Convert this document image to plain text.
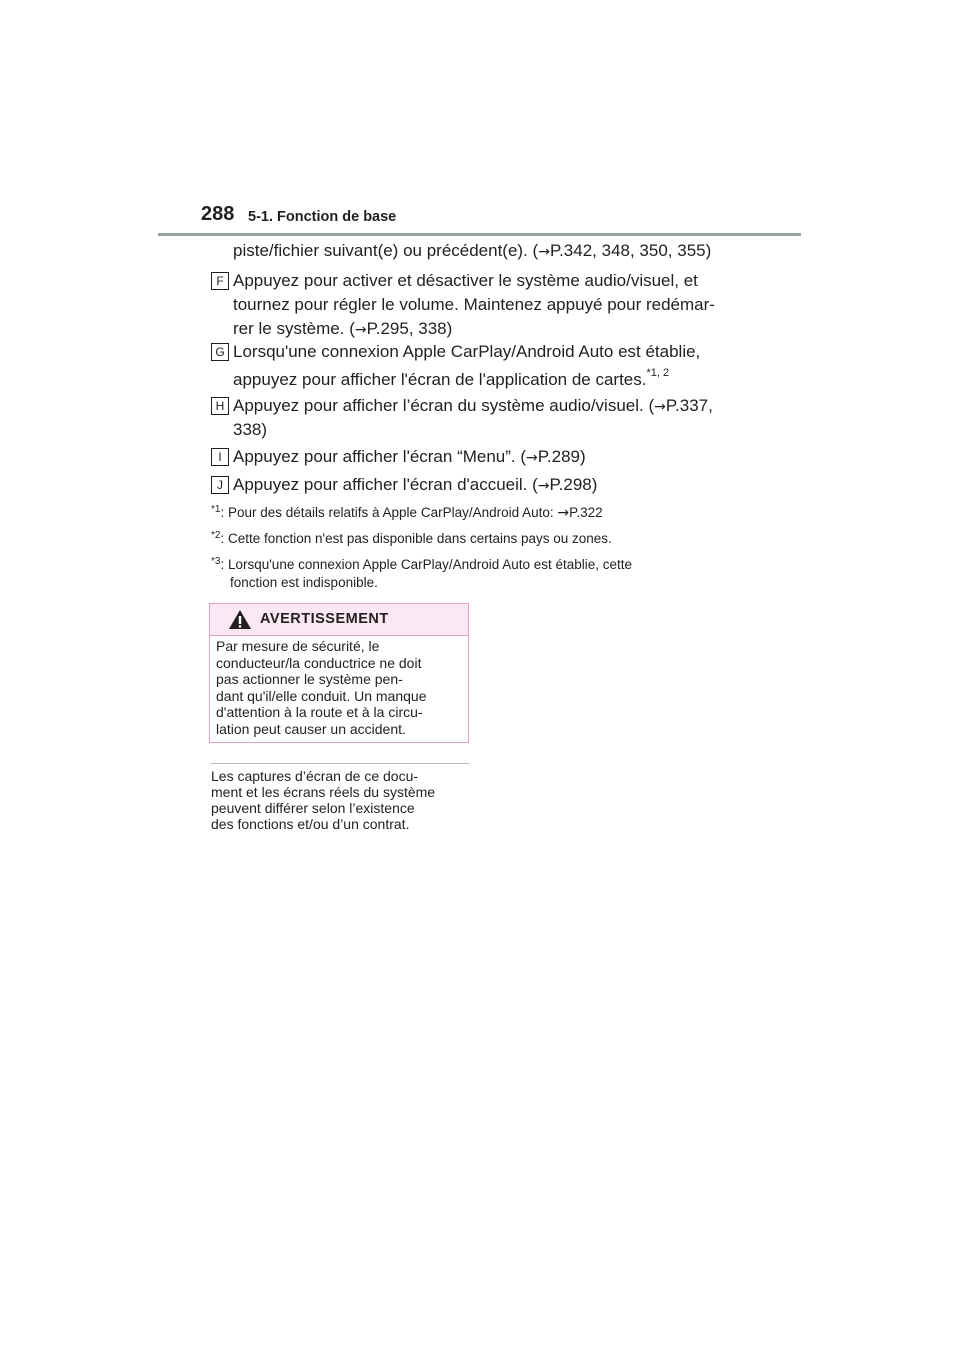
288 5-1. Fonction de base
piste/fichier suivant(e) ou précédent(e). (→P.342, 348, 350, 355)
F Appuyez pour activer et désactiver le système audio/visuel, et
tournez pour régler le volume. Maintenez appuyé pour redémar-
rer le système. (→P.295, 338)
G Lorsqu'une connexion Apple CarPlay/Android Auto est établie,
appuyez pour afficher l'écran de l'application de cartes.$^{*1, 2}$
H Appuyez pour afficher l’écran du système audio/visuel. (→P.337,
338)
I Appuyez pour afficher l'écran “Menu”. (→P.289)
J Appuyez pour afficher l'écran d'accueil. (→P.298)
$^{*1}$: Pour des détails relatifs à Apple CarPlay/Android Auto: →P.322
$^{*2}$: Cette fonction n'est pas disponible dans certains pays ou zones.
$^{*3}$: Lorsqu'une connexion Apple CarPlay/Android Auto est établie, cette
fonction est indisponible.
AVERTISSEMENT
Par mesure de sécurité, le
conducteur/la conductrice ne doit
pas actionner le système pen-
dant qu'il/elle conduit. Un manque
d'attention à la route et à la circu-
lation peut causer un accident.
Les captures d’écran de ce docu-
ment et les écrans réels du système
peuvent différer selon l’existence
des fonctions et/ou d’un contrat.
